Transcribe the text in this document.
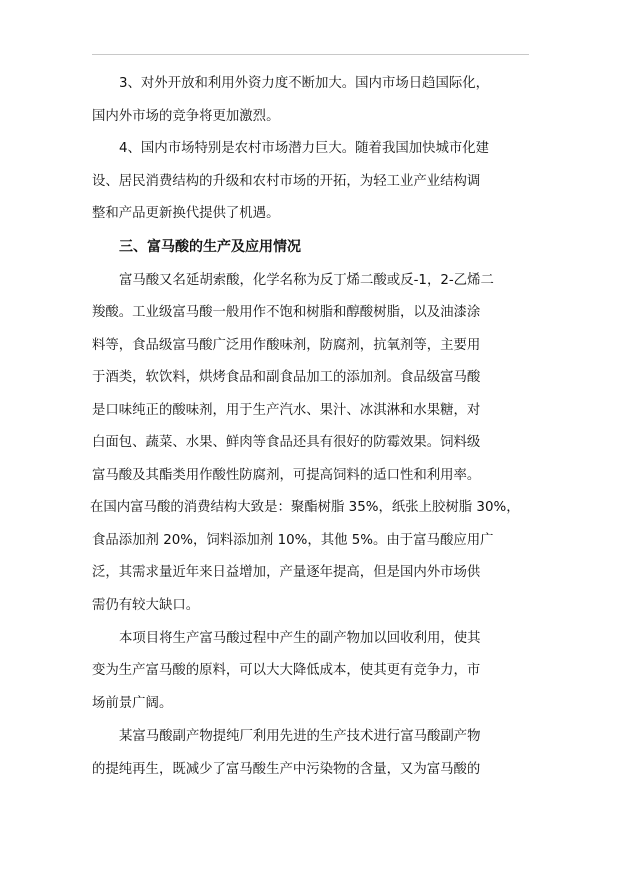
3、对外开放和利用外资力度不断加大。国内市场日趋国际化，
国内外市场的竞争将更加激烈。
4、国内市场特别是农村市场潜力巨大。随着我国加快城市化建
设、居民消费结构的升级和农村市场的开拓，为轻工业产业结构调
整和产品更新换代提供了机遇。
三、富马酸的生产及应用情况
富马酸又名延胡索酸，化学名称为反丁烯二酸或反-1，2-乙烯二
羧酸。工业级富马酸一般用作不饱和树脂和醇酸树脂，以及油漆涂
料等，食品级富马酸广泛用作酸味剂，防腐剂，抗氧剂等，主要用
于酒类，软饮料，烘烤食品和副食品加工的添加剂。食品级富马酸
是口味纯正的酸味剂，用于生产汽水、果汁、冰淇淋和水果糖，对
白面包、蔬菜、水果、鲜肉等食品还具有很好的防霉效果。饲料级
富马酸及其酯类用作酸性防腐剂，可提高饲料的适口性和利用率。
在国内富马酸的消费结构大致是：聚酯树脂 35%，纸张上胶树脂 30%，
食品添加剂 20%，饲料添加剂 10%，其他 5%。由于富马酸应用广
泛，其需求量近年来日益增加，产量逐年提高，但是国内外市场供
需仍有较大缺口。
本项目将生产富马酸过程中产生的副产物加以回收利用，使其
变为生产富马酸的原料，可以大大降低成本，使其更有竞争力，市
场前景广阔。
某富马酸副产物提纯厂利用先进的生产技术进行富马酸副产物
的提纯再生，既减少了富马酸生产中污染物的含量，又为富马酸的
